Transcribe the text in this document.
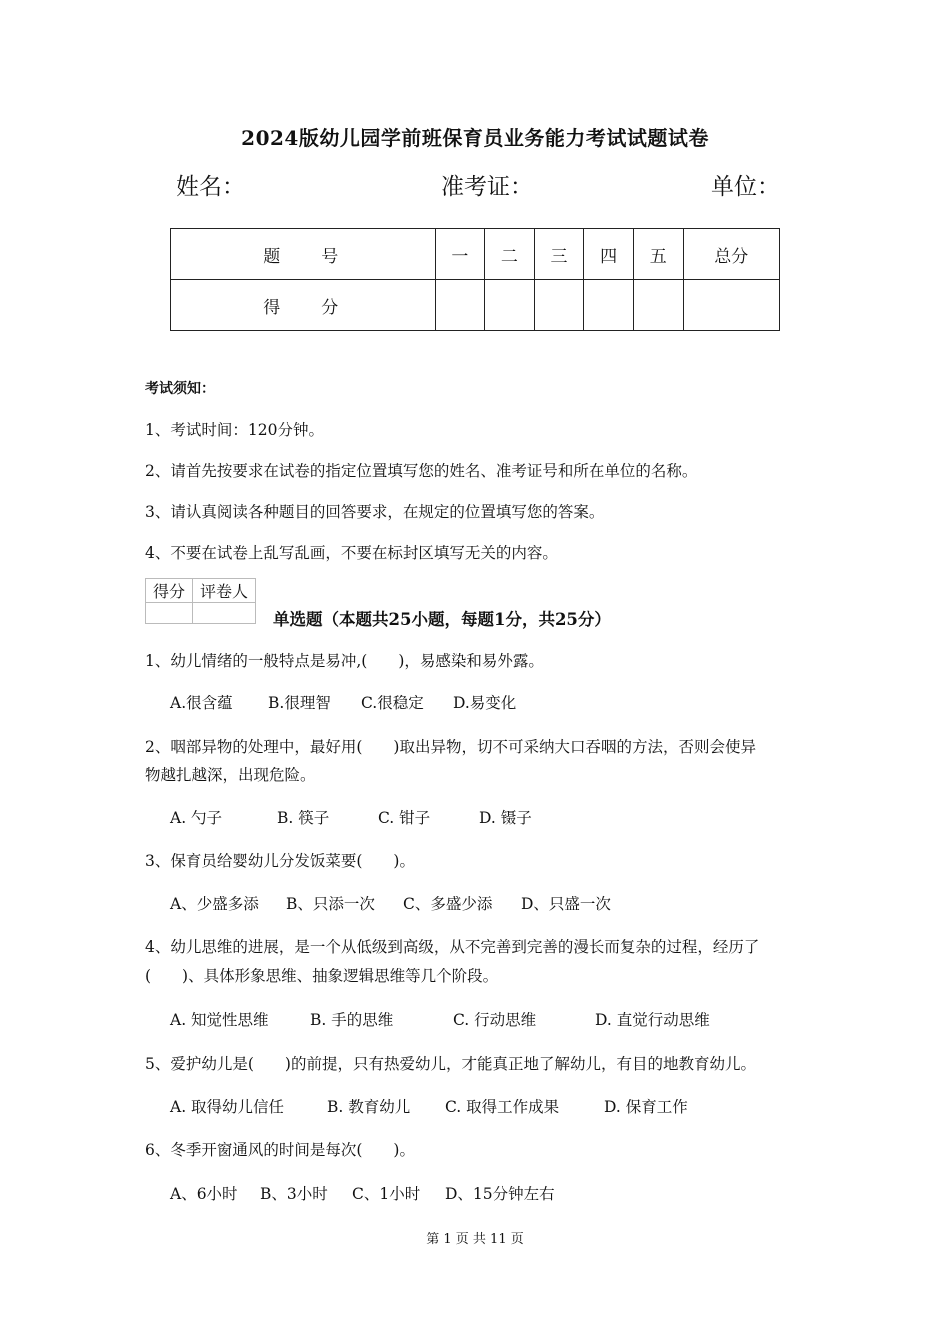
2024版幼儿园学前班保育员业务能力考试试题试卷
姓名：	准考证：	单位：
题　号	一	二	三	四	五	总分
得　分						
考试须知：
1、考试时间：120分钟。
2、请首先按要求在试卷的指定位置填写您的姓名、准考证号和所在单位的名称。
3、请认真阅读各种题目的回答要求，在规定的位置填写您的答案。
4、不要在试卷上乱写乱画，不要在标封区填写无关的内容。
得分	评卷人

单选题（本题共25小题，每题1分，共25分）
1、幼儿情绪的一般特点是易冲,(　　)，易感染和易外露。
A.很含蕴 B.很理智 C.很稳定 D.易变化
2、咽部异物的处理中，最好用(　　)取出异物，切不可采纳大口吞咽的方法，否则会使异
物越扎越深，出现危险。
A. 勺子	B. 筷子	C. 钳子	D. 镊子
3、保育员给婴幼儿分发饭菜要(　　)。
A、少盛多添 B、只添一次 C、多盛少添 D、只盛一次
4、幼儿思维的进展，是一个从低级到高级，从不完善到完善的漫长而复杂的过程，经历了
(　　)、具体形象思维、抽象逻辑思维等几个阶段。
A. 知觉性思维	B. 手的思维	C. 行动思维	D. 直觉行动思维
5、爱护幼儿是(　　)的前提，只有热爱幼儿，才能真正地了解幼儿，有目的地教育幼儿。
A. 取得幼儿信任	B. 教育幼儿 C. 取得工作成果	D. 保育工作
6、冬季开窗通风的时间是每次(　　)。
A、6小时 B、3小时 C、1小时 D、15分钟左右
第 1 页 共 11 页
